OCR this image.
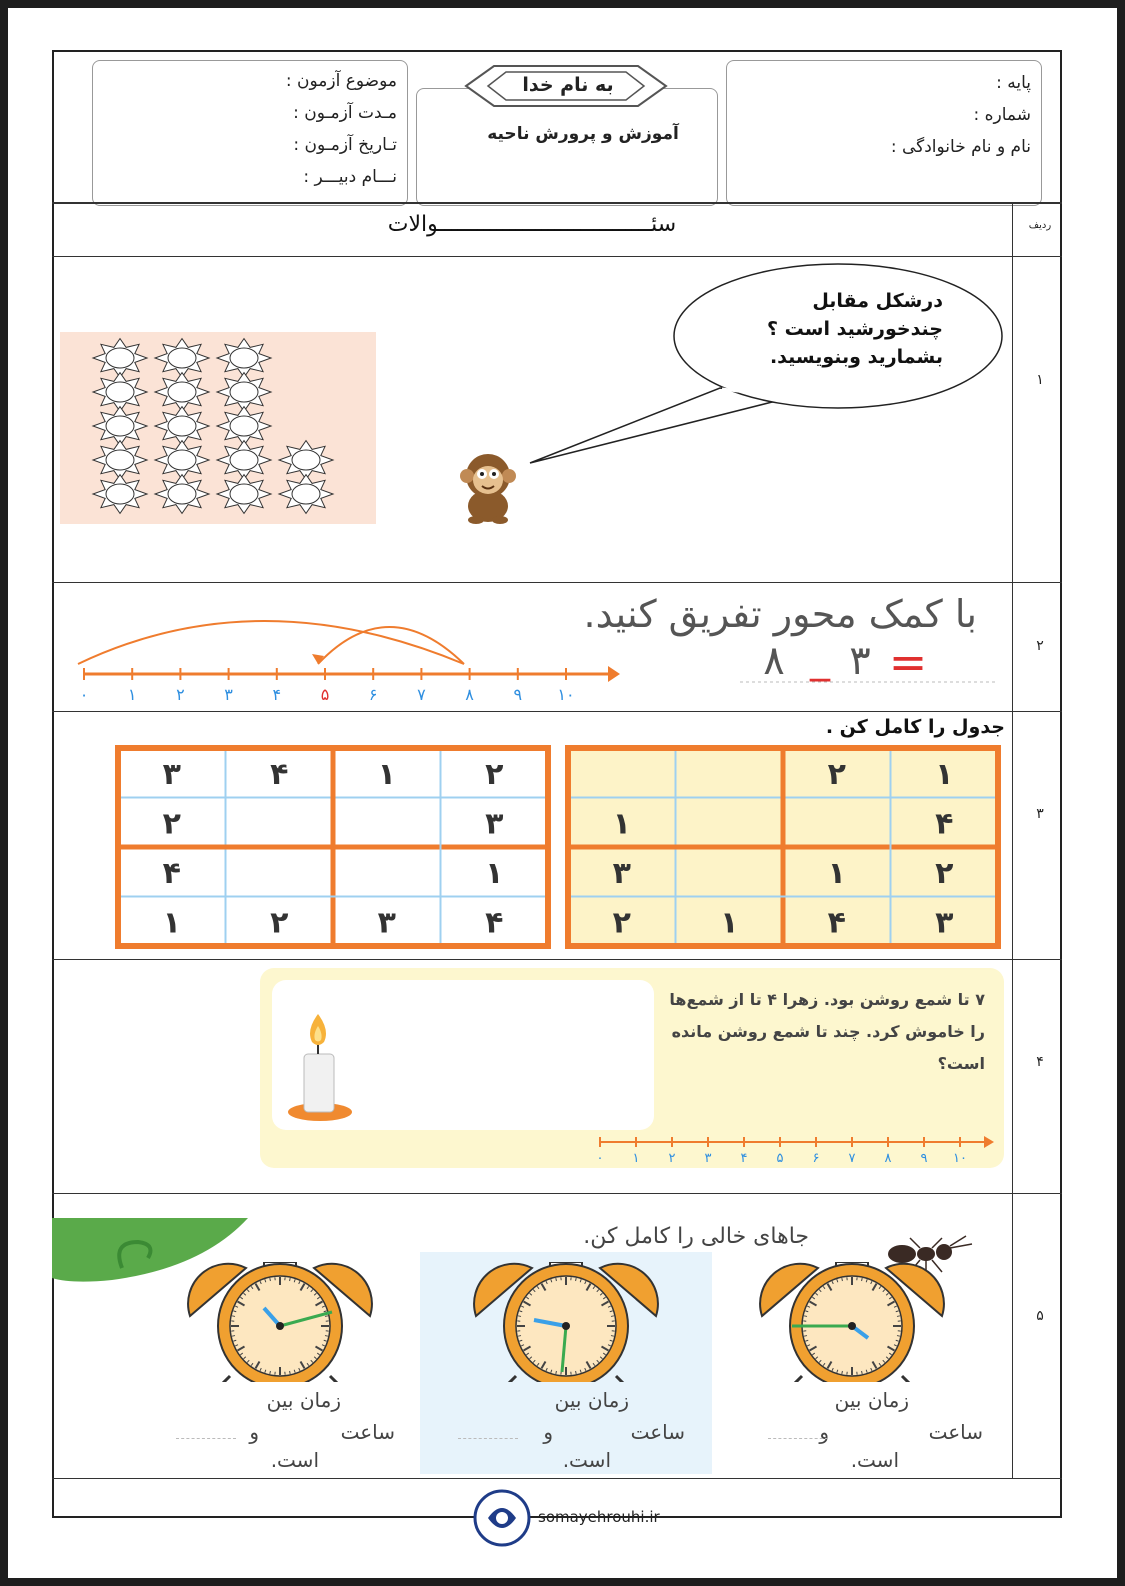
پایه :
شماره :
نام و نام خانوادگی :
به نام خدا
آموزش و پرورش ناحیه
موضوع آزمون :
مـدت آزمـون :
تـاریخ آزمـون :
نـــام دبیـــر :
ردیف
سئـــــــــــــــــــــــــــــــــوالات
١
درشکل مقابل
چندخورشید است ؟
بشمارید وبنویسید.
٢
با کمک محور تفریق کنید.
=
٣
_
٨
٠ ١ ٢ ٣ ۴ ۵ ۶ ٧ ٨ ٩ ١٠
٣
جدول را کامل کن .
٢
١
۴
٣
٣
٢
١
۴
۴
٣
٢
١
١
٢
۴
١
٢
١
٣
٣
۴
١
٢
۴
٧ تا شمع روشن بود. زهرا ۴ تا از شمع‌ها
را خاموش کرد. چند تا شمع روشن مانده
است؟
٠ ١ ٢ ٣ ۴ ۵ ۶ ٧ ٨ ٩ ١٠
۵
جاهای خالی را کامل کن.
زمان بین
ساعت
و
است.
زمان بین
ساعت
و
است.
زمان بین
ساعت
و
است.
somayehrouhi.ir
